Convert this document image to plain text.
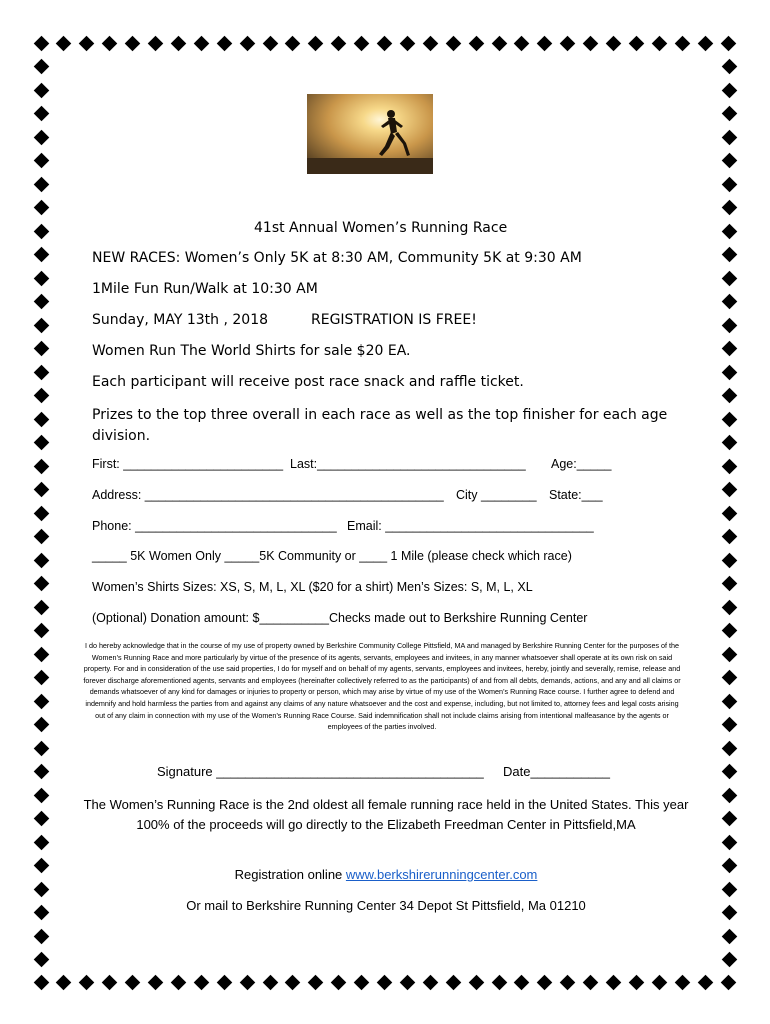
41st Annual Women’s Running Race
NEW RACES: Women’s Only 5K at 8:30 AM, Community 5K at 9:30 AM
1Mile Fun Run/Walk at 10:30 AM
Sunday, MAY 13th , 2018	REGISTRATION IS FREE!
Women Run The World Shirts for sale $20 EA.
Each participant will receive post race snack and raffle ticket.
Prizes to the top three overall in each race as well as the top finisher for each age division.
First: _______________________ Last:______________________________ Age:_____
Address: ___________________________________________ City ________ State:___
Phone: _____________________________ Email: ______________________________
_____ 5K Women Only _____5K Community or ____ 1 Mile (please check which race)
Women’s Shirts Sizes: XS, S, M, L, XL ($20 for a shirt) Men’s Sizes: S, M, L, XL
(Optional) Donation amount: $__________Checks made out to Berkshire Running Center
I do hereby acknowledge that in the course of my use of property owned by Berkshire Community College Pittsfield, MA and managed by Berkshire Running Center for the purposes of the Women’s Running Race and more particularly by virtue of the presence of its agents, servants, employees and invitees, in any manner whatsoever shall operate at its own risk on said property. For and in consideration of the use said properties, I do for myself and on behalf of my agents, servants, employees and invitees, hereby, jointly and severally, remise, release and forever discharge aforementioned agents, servants and employees (hereinafter collectively referred to as the participants) of and from all debts, demands, actions, and any and all claims or demands whatsoever of any kind for damages or injuries to property or person, which may arise by virtue of my use of the Women’s Running Race course. I further agree to defend and indemnify and hold harmless the parties from and against any claims of any nature whatsoever and the cost and expense, including, but not limited to, attorney fees and legal costs arising out of any claim in connection with my use of the Women’s Running Race Course. Said indemnification shall not include claims arising from intentional malfeasance by the agents or employees of the parties involved.
Signature _____________________________________ Date___________
The Women’s Running Race is the 2nd oldest all female running race held in the United States. This year 100% of the proceeds will go directly to the Elizabeth Freedman Center in Pittsfield,MA
Registration online www.berkshirerunningcenter.com
Or mail to Berkshire Running Center 34 Depot St Pittsfield, Ma 01210
